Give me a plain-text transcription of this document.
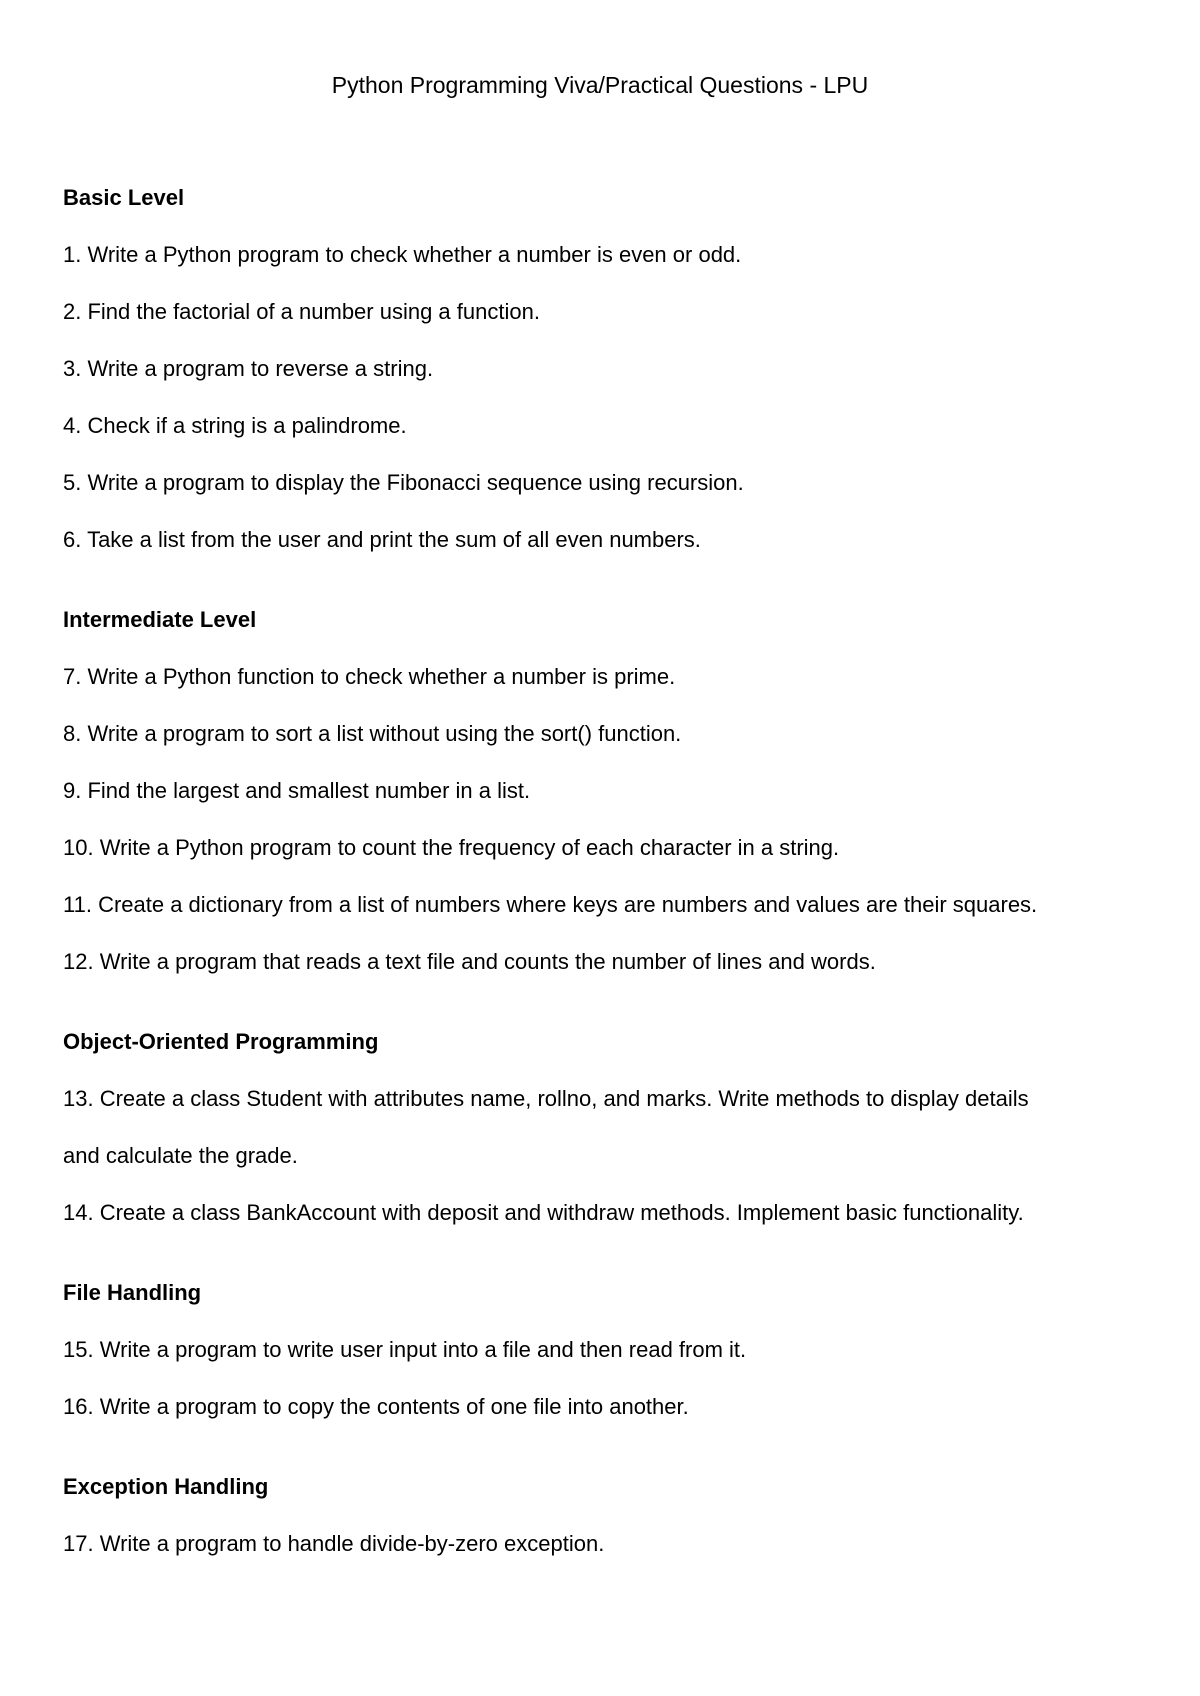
Python Programming Viva/Practical Questions - LPU
Basic Level
1. Write a Python program to check whether a number is even or odd.
2. Find the factorial of a number using a function.
3. Write a program to reverse a string.
4. Check if a string is a palindrome.
5. Write a program to display the Fibonacci sequence using recursion.
6. Take a list from the user and print the sum of all even numbers.
Intermediate Level
7. Write a Python function to check whether a number is prime.
8. Write a program to sort a list without using the sort() function.
9. Find the largest and smallest number in a list.
10. Write a Python program to count the frequency of each character in a string.
11. Create a dictionary from a list of numbers where keys are numbers and values are their squares.
12. Write a program that reads a text file and counts the number of lines and words.
Object-Oriented Programming
13. Create a class Student with attributes name, rollno, and marks. Write methods to display details
and calculate the grade.
14. Create a class BankAccount with deposit and withdraw methods. Implement basic functionality.
File Handling
15. Write a program to write user input into a file and then read from it.
16. Write a program to copy the contents of one file into another.
Exception Handling
17. Write a program to handle divide-by-zero exception.
